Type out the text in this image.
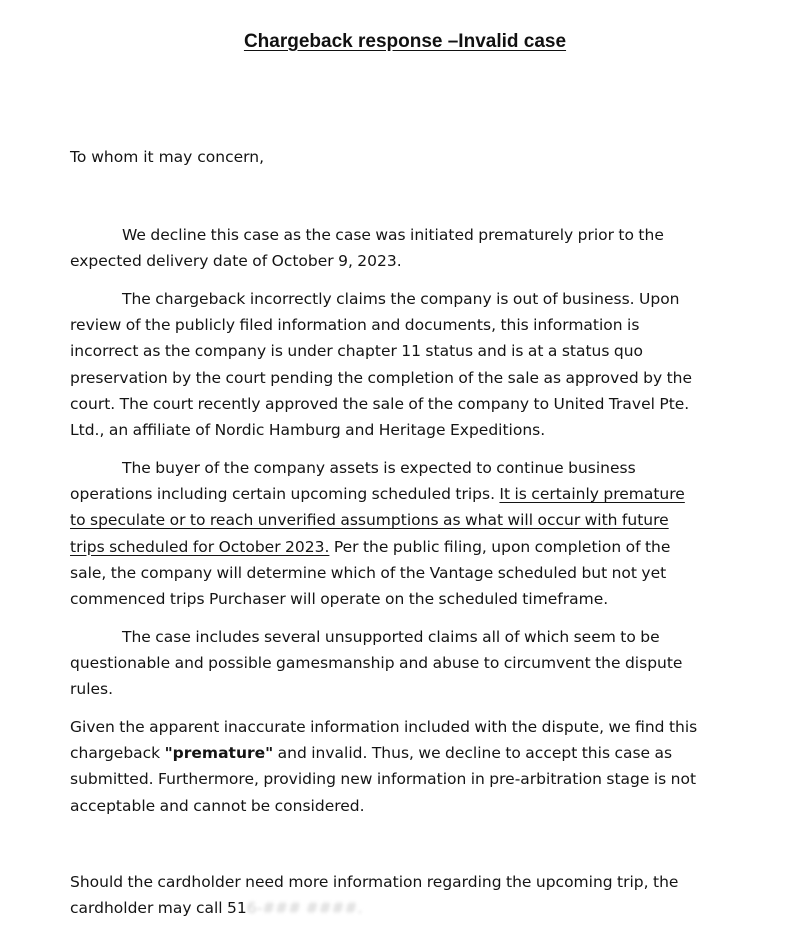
Chargeback response –Invalid case

To whom it may concern,

We decline this case as the case was initiated prematurely prior to the
expected delivery date of October 9, 2023.

The chargeback incorrectly claims the company is out of business. Upon
review of the publicly filed information and documents, this information is
incorrect as the company is under chapter 11 status and is at a status quo
preservation by the court pending the completion of the sale as approved by the
court. The court recently approved the sale of the company to United Travel Pte.
Ltd., an affiliate of Nordic Hamburg and Heritage Expeditions.

The buyer of the company assets is expected to continue business
operations including certain upcoming scheduled trips. It is certainly premature
to speculate or to reach unverified assumptions as what will occur with future
trips scheduled for October 2023. Per the public filing, upon completion of the
sale, the company will determine which of the Vantage scheduled but not yet
commenced trips Purchaser will operate on the scheduled timeframe.

The case includes several unsupported claims all of which seem to be
questionable and possible gamesmanship and abuse to circumvent the dispute
rules.

Given the apparent inaccurate information included with the dispute, we find this
chargeback "premature" and invalid. Thus, we decline to accept this case as
submitted. Furthermore, providing new information in pre-arbitration stage is not
acceptable and cannot be considered.

Should the cardholder need more information regarding the upcoming trip, the
cardholder may call 516-### ####.
